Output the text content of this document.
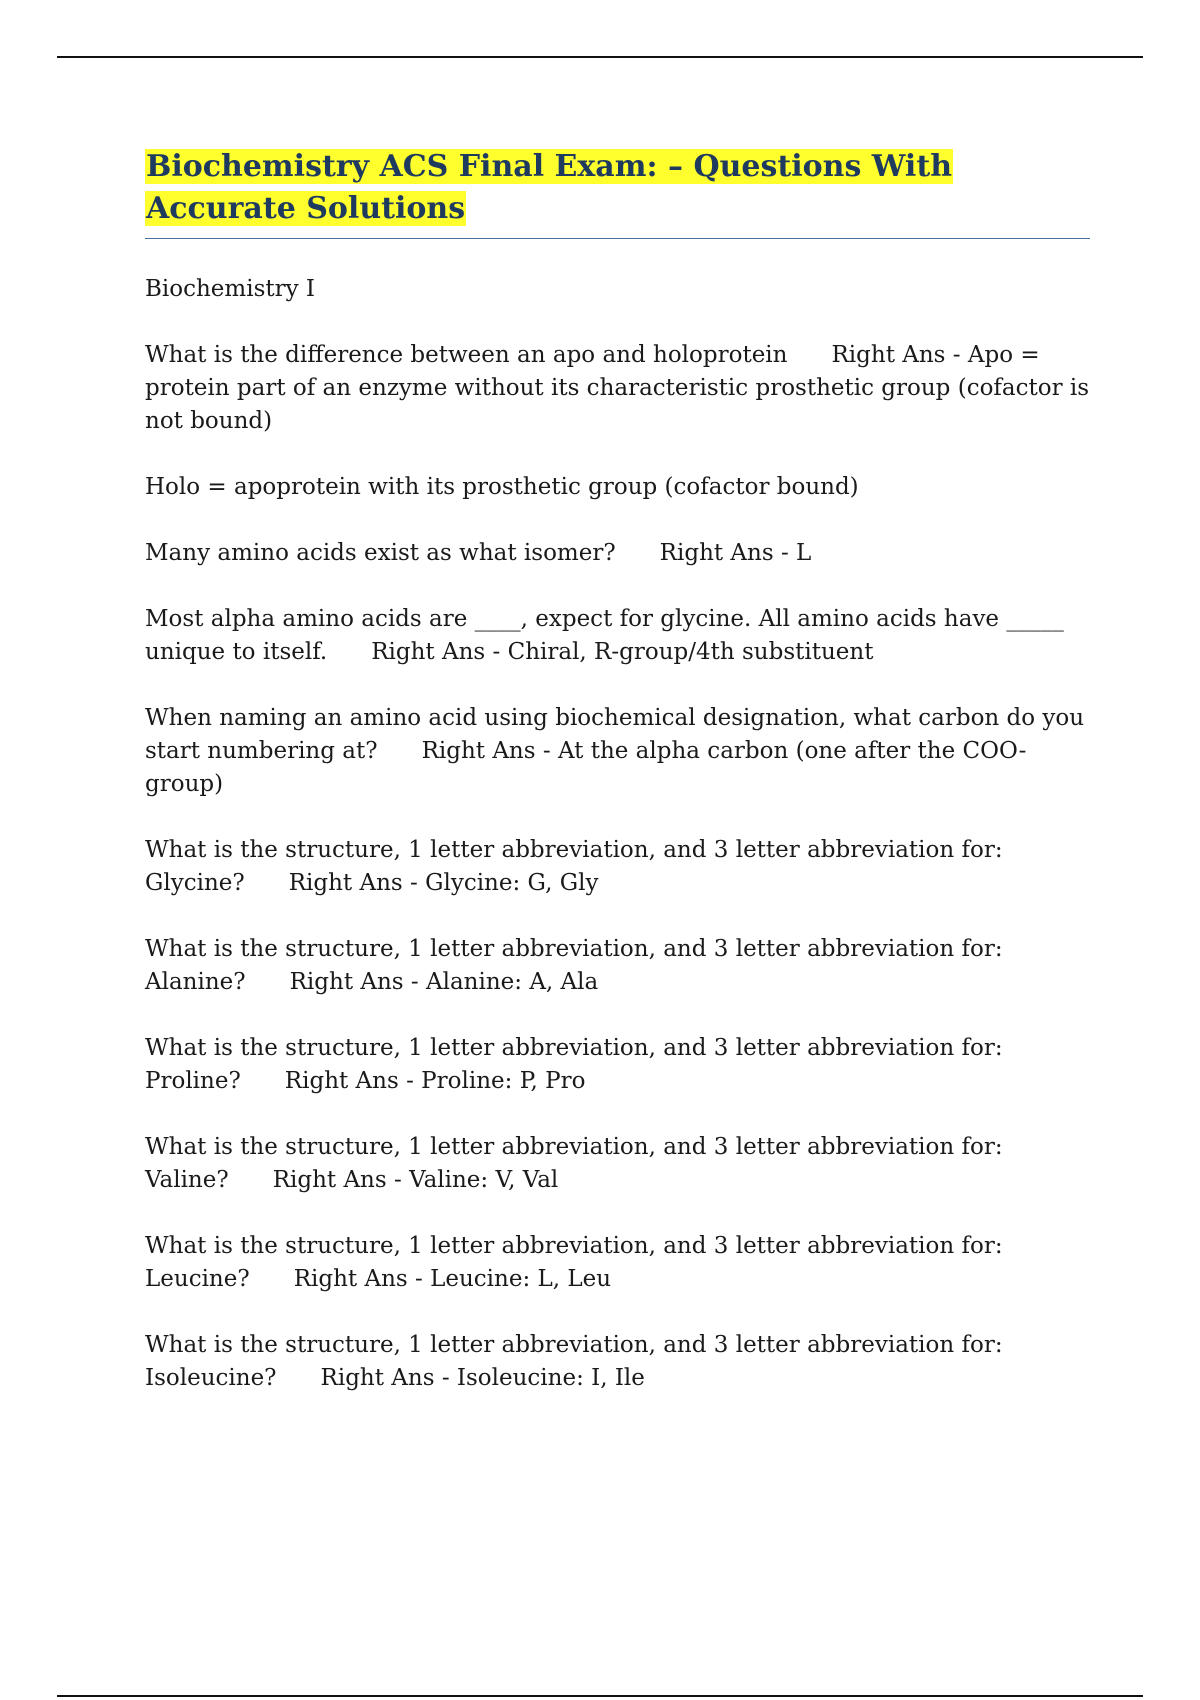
Biochemistry ACS Final Exam: – Questions With Accurate Solutions

Biochemistry I

What is the difference between an apo and holoprotein Right Ans - Apo = protein part of an enzyme without its characteristic prosthetic group (cofactor is not bound)

Holo = apoprotein with its prosthetic group (cofactor bound)

Many amino acids exist as what isomer? Right Ans - L

Most alpha amino acids are ____, expect for glycine. All amino acids have _____ unique to itself. Right Ans - Chiral, R-group/4th substituent

When naming an amino acid using biochemical designation, what carbon do you start numbering at? Right Ans - At the alpha carbon (one after the COO- group)

What is the structure, 1 letter abbreviation, and 3 letter abbreviation for: Glycine? Right Ans - Glycine: G, Gly

What is the structure, 1 letter abbreviation, and 3 letter abbreviation for: Alanine? Right Ans - Alanine: A, Ala

What is the structure, 1 letter abbreviation, and 3 letter abbreviation for: Proline? Right Ans - Proline: P, Pro

What is the structure, 1 letter abbreviation, and 3 letter abbreviation for: Valine? Right Ans - Valine: V, Val

What is the structure, 1 letter abbreviation, and 3 letter abbreviation for: Leucine? Right Ans - Leucine: L, Leu

What is the structure, 1 letter abbreviation, and 3 letter abbreviation for: Isoleucine? Right Ans - Isoleucine: I, Ile
